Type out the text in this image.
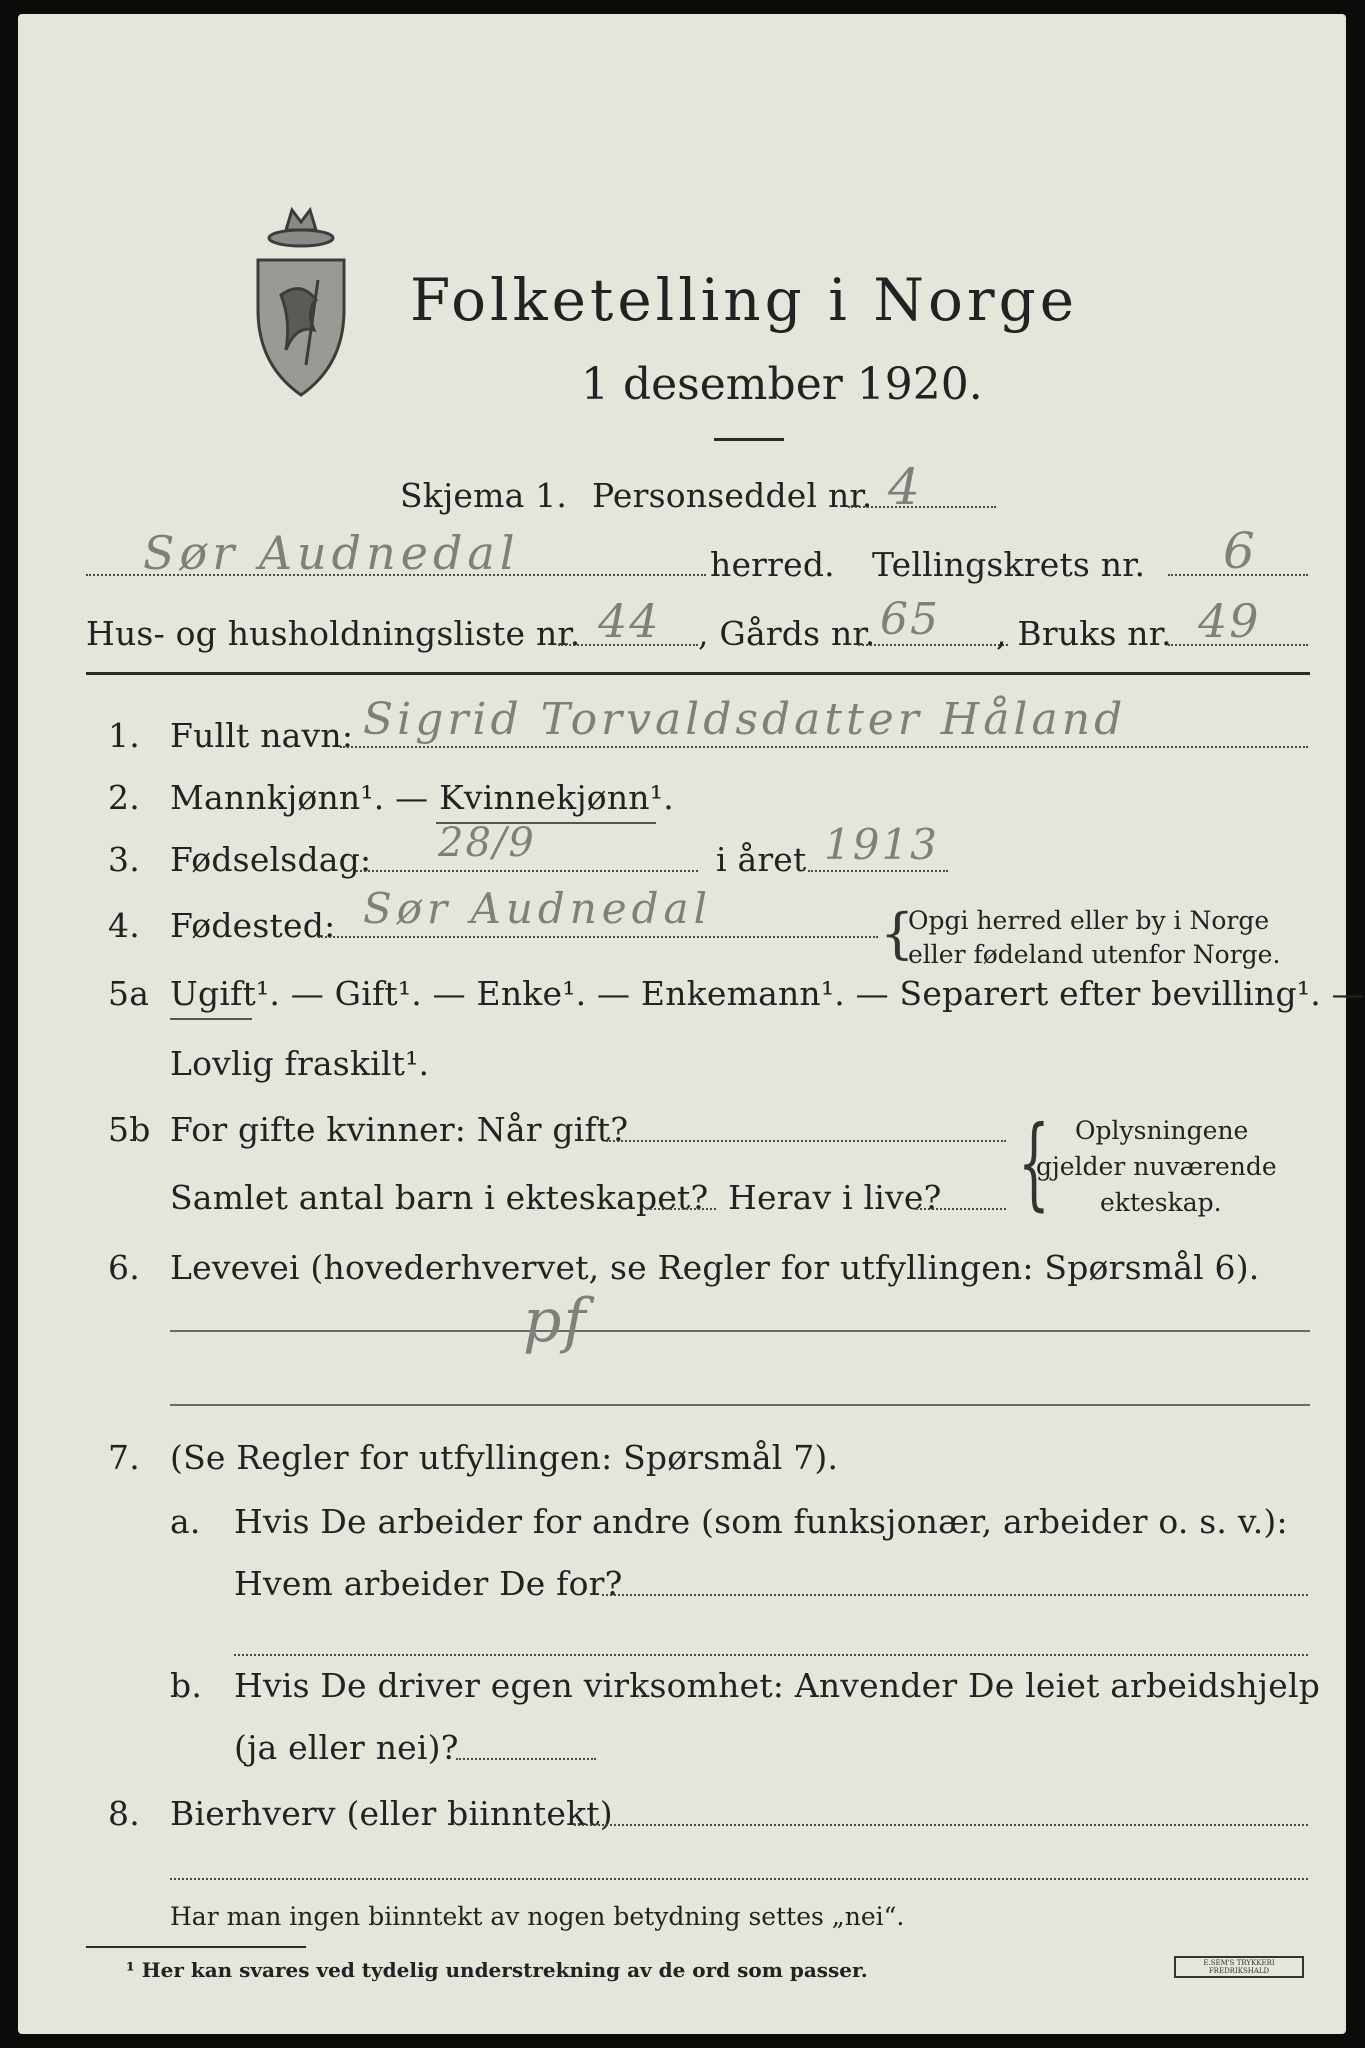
Folketelling i Norge
1 desember 1920.
Skjema 1. Personseddel nr. 4
Sør Audnedal	herred. Tellingskrets nr. 6
Hus- og husholdningsliste nr. 44 , Gårds nr. 65 , Bruks nr. 49
1. Fullt navn: Sigrid Torvaldsdatter Håland
2. Mannkjønn¹. — Kvinnekjønn¹.
3. Fødselsdag: 28/9	i året 1913
4. Fødested: Sør Audnedal	{
Opgi herred eller by i Norge
eller fødeland utenfor Norge.
5a Ugift¹. — Gift¹. — Enke¹. — Enkemann¹. — Separert efter bevilling¹. —
Lovlig fraskilt¹.
5b For gifte kvinner: Når gift?
Samlet antal barn i ekteskapet? Herav i live? { Oplysningene
gjelder nuværende
ekteskap.
6. Levevei (hovederhvervet, se Regler for utfyllingen: Spørsmål 6).
pf
7. (Se Regler for utfyllingen: Spørsmål 7).
a. Hvis De arbeider for andre (som funksjonær, arbeider o. s. v.):
Hvem arbeider De for?
b. Hvis De driver egen virksomhet: Anvender De leiet arbeidshjelp
(ja eller nei)?
8. Bierhverv (eller biinntekt)
Har man ingen biinntekt av nogen betydning settes „nei“.
¹ Her kan svares ved tydelig understrekning av de ord som passer.	E.SEM'S TRYKKERI FREDRIKSHALD
